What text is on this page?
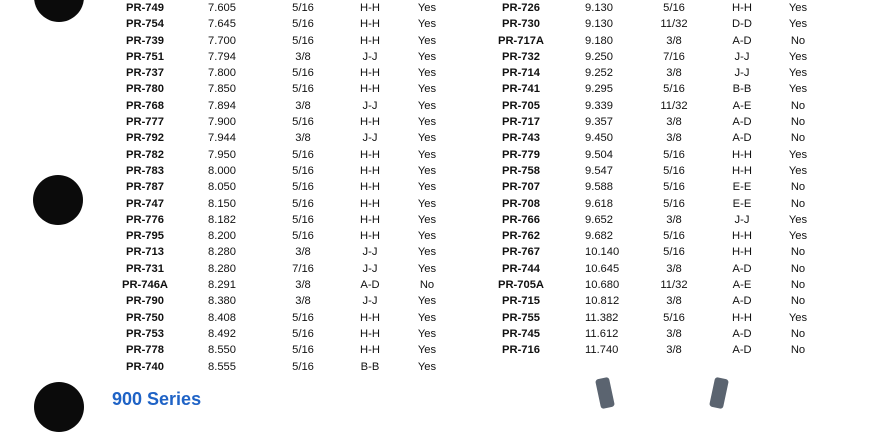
PR-749	7.605	5/16	H-H	Yes
PR-754	7.645	5/16	H-H	Yes
PR-739	7.700	5/16	H-H	Yes
PR-751	7.794	3/8	J-J	Yes
PR-737	7.800	5/16	H-H	Yes
PR-780	7.850	5/16	H-H	Yes
PR-768	7.894	3/8	J-J	Yes
PR-777	7.900	5/16	H-H	Yes
PR-792	7.944	3/8	J-J	Yes
PR-782	7.950	5/16	H-H	Yes
PR-783	8.000	5/16	H-H	Yes
PR-787	8.050	5/16	H-H	Yes
PR-747	8.150	5/16	H-H	Yes
PR-776	8.182	5/16	H-H	Yes
PR-795	8.200	5/16	H-H	Yes
PR-713	8.280	3/8	J-J	Yes
PR-731	8.280	7/16	J-J	Yes
PR-746A	8.291	3/8	A-D	No
PR-790	8.380	3/8	J-J	Yes
PR-750	8.408	5/16	H-H	Yes
PR-753	8.492	5/16	H-H	Yes
PR-778	8.550	5/16	H-H	Yes
PR-740	8.555	5/16	B-B	Yes
PR-726	9.130	5/16	H-H	Yes
PR-730	9.130	11/32	D-D	Yes
PR-717A	9.180	3/8	A-D	No
PR-732	9.250	7/16	J-J	Yes
PR-714	9.252	3/8	J-J	Yes
PR-741	9.295	5/16	B-B	Yes
PR-705	9.339	11/32	A-E	No
PR-717	9.357	3/8	A-D	No
PR-743	9.450	3/8	A-D	No
PR-779	9.504	5/16	H-H	Yes
PR-758	9.547	5/16	H-H	Yes
PR-707	9.588	5/16	E-E	No
PR-708	9.618	5/16	E-E	No
PR-766	9.652	3/8	J-J	Yes
PR-762	9.682	5/16	H-H	Yes
PR-767	10.140	5/16	H-H	No
PR-744	10.645	3/8	A-D	No
PR-705A	10.680	11/32	A-E	No
PR-715	10.812	3/8	A-D	No
PR-755	11.382	5/16	H-H	Yes
PR-745	11.612	3/8	A-D	No
PR-716	11.740	3/8	A-D	No
900 Series
